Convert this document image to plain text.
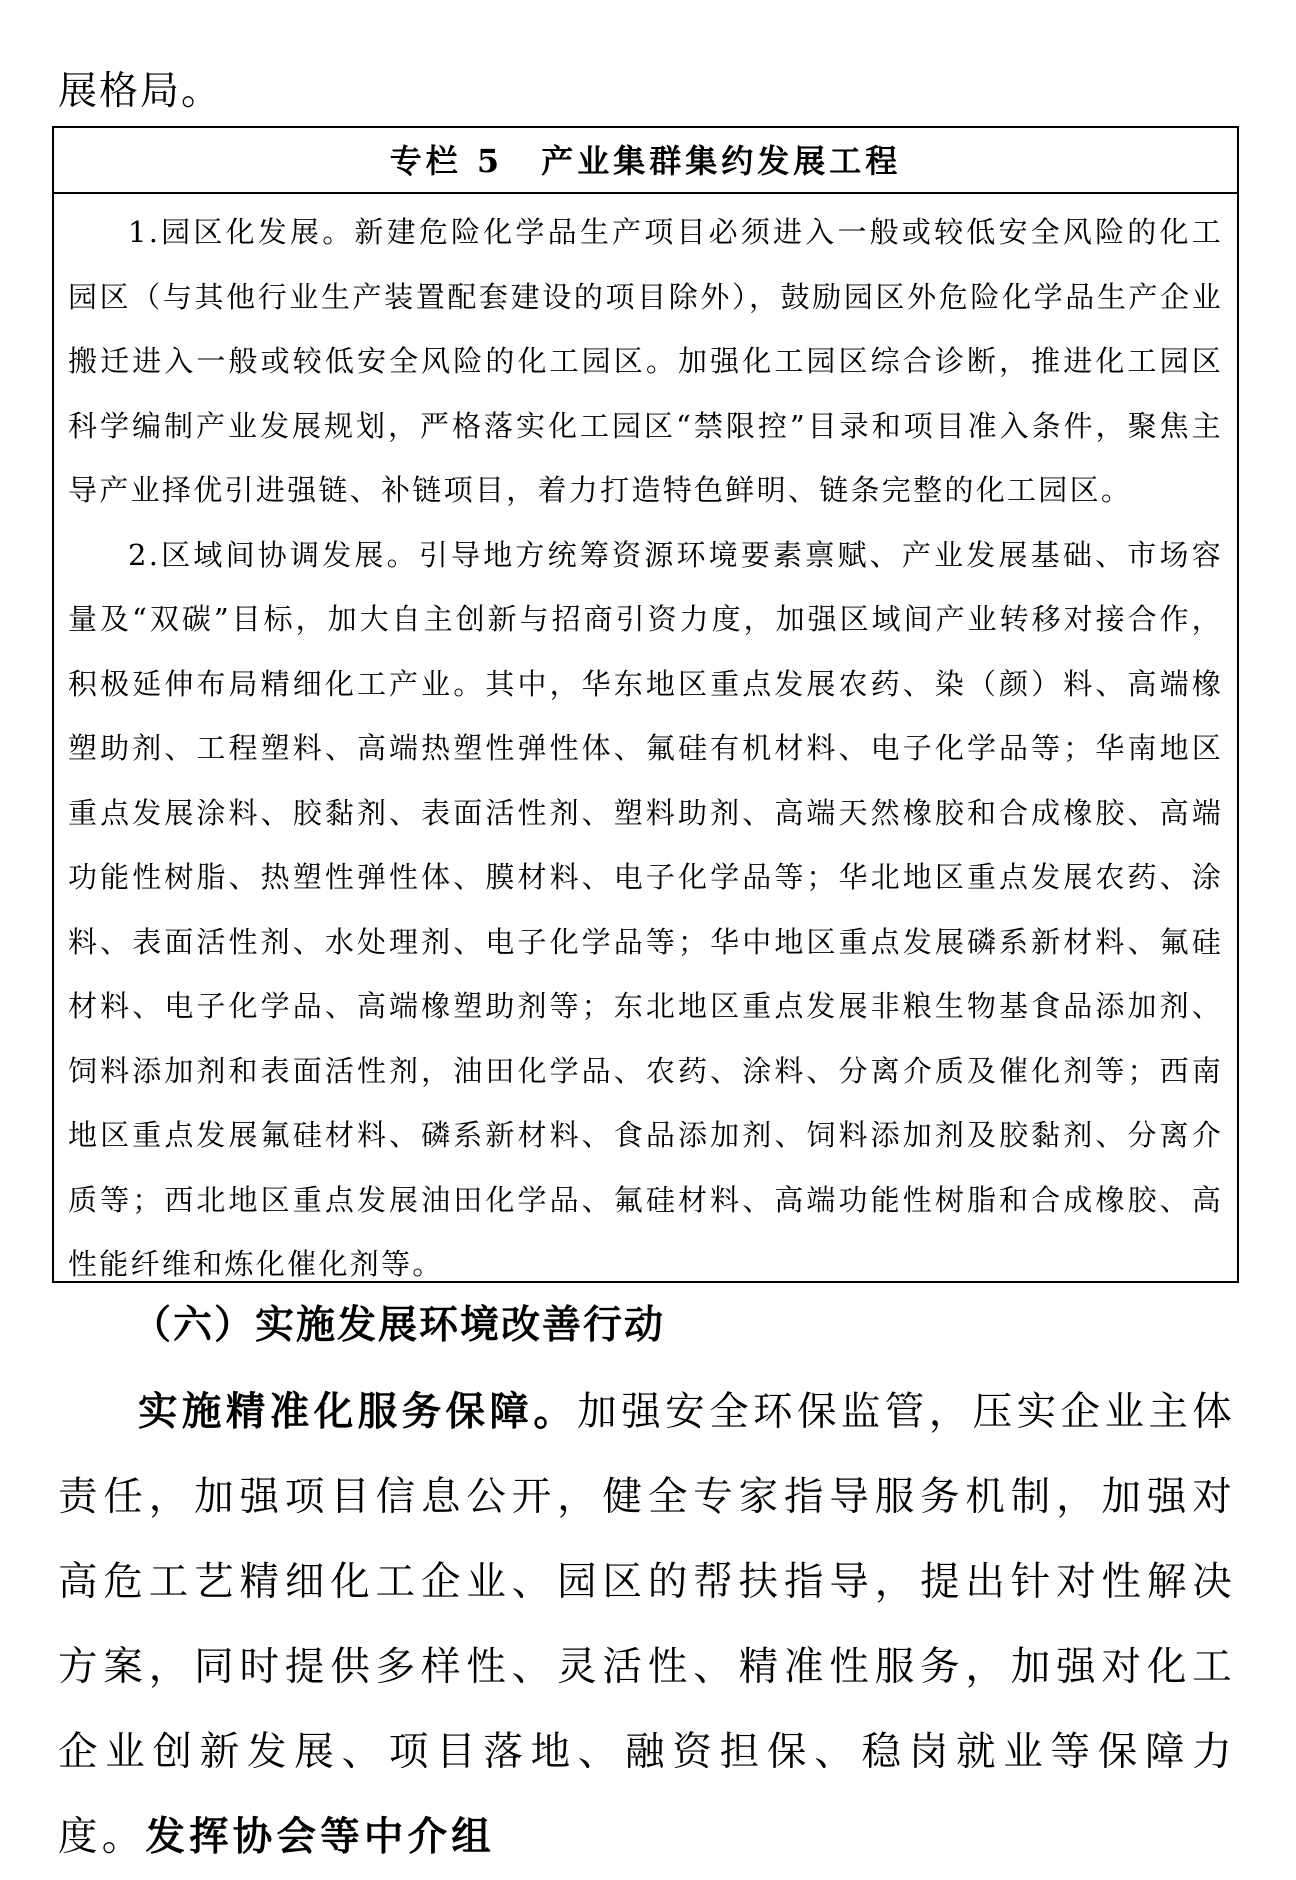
展格局。

专栏 5 产业集群集约发展工程

1.园区化发展。新建危险化学品生产项目必须进入一般或较低安全风险的化工园区（与其他行业生产装置配套建设的项目除外），鼓励园区外危险化学品生产企业搬迁进入一般或较低安全风险的化工园区。加强化工园区综合诊断，推进化工园区科学编制产业发展规划，严格落实化工园区“禁限控”目录和项目准入条件，聚焦主导产业择优引进强链、补链项目，着力打造特色鲜明、链条完整的化工园区。

2.区域间协调发展。引导地方统筹资源环境要素禀赋、产业发展基础、市场容量及“双碳”目标，加大自主创新与招商引资力度，加强区域间产业转移对接合作，积极延伸布局精细化工产业。其中，华东地区重点发展农药、染（颜）料、高端橡塑助剂、工程塑料、高端热塑性弹性体、氟硅有机材料、电子化学品等；华南地区重点发展涂料、胶黏剂、表面活性剂、塑料助剂、高端天然橡胶和合成橡胶、高端功能性树脂、热塑性弹性体、膜材料、电子化学品等；华北地区重点发展农药、涂料、表面活性剂、水处理剂、电子化学品等；华中地区重点发展磷系新材料、氟硅材料、电子化学品、高端橡塑助剂等；东北地区重点发展非粮生物基食品添加剂、饲料添加剂和表面活性剂，油田化学品、农药、涂料、分离介质及催化剂等；西南地区重点发展氟硅材料、磷系新材料、食品添加剂、饲料添加剂及胶黏剂、分离介质等；西北地区重点发展油田化学品、氟硅材料、高端功能性树脂和合成橡胶、高性能纤维和炼化催化剂等。

（六）实施发展环境改善行动

实施精准化服务保障。加强安全环保监管，压实企业主体责任，加强项目信息公开，健全专家指导服务机制，加强对高危工艺精细化工企业、园区的帮扶指导，提出针对性解决方案，同时提供多样性、灵活性、精准性服务，加强对化工企业创新发展、项目落地、融资担保、稳岗就业等保障力度。发挥协会等中介组
